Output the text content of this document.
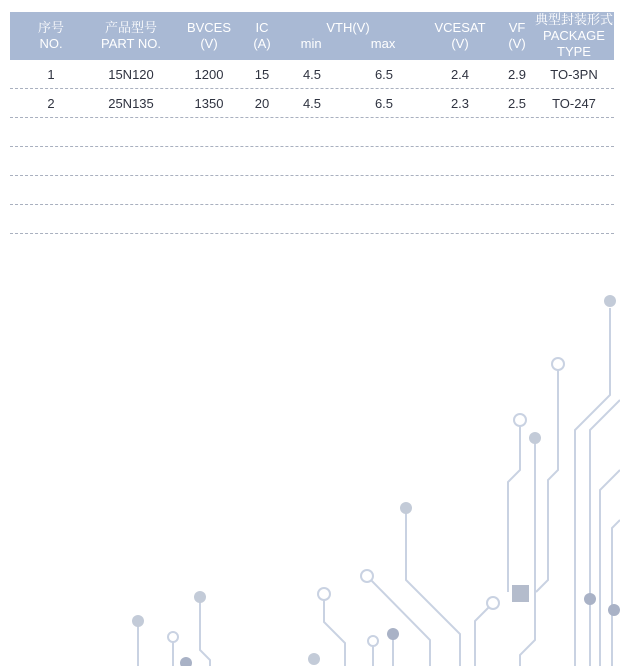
序号
NO.
产品型号
PART NO.
BVCES
(V)
IC
(A)
VTH(V)
min	max
VCESAT
(V)
VF
(V)
典型封装形式
PACKAGE TYPE
1	15N120	1200	15	4.5	6.5	2.4	2.9	TO-3PN
2	25N135	1350	20	4.5	6.5	2.3	2.5	TO-247
